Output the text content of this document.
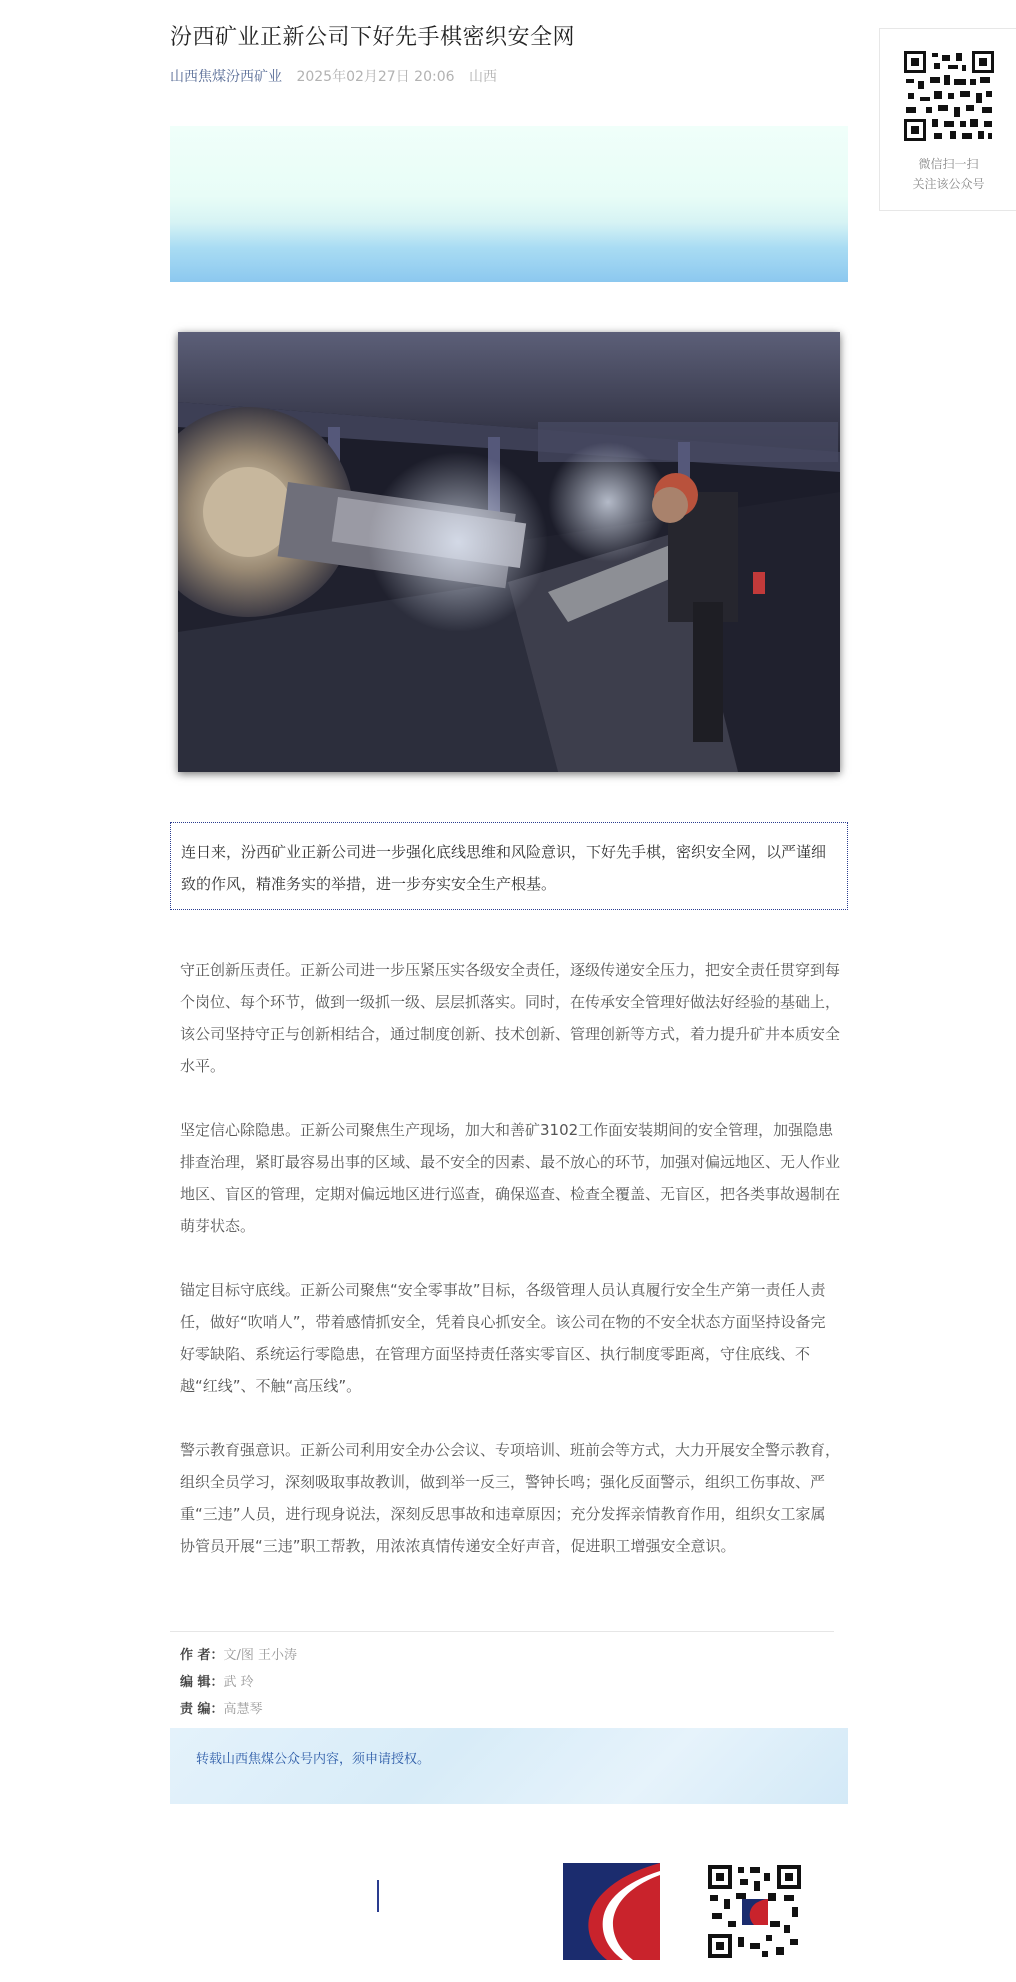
汾西矿业正新公司下好先手棋密织安全网
山西焦煤汾西矿业 2025年02月27日 20:06 山西
连日来，汾西矿业正新公司进一步强化底线思维和风险意识，下好先手棋，密织安全网，以严谨细致的作风，精准务实的举措，进一步夯实安全生产根基。

守正创新压责任。正新公司进一步压紧压实各级安全责任，逐级传递安全压力，把安全责任贯穿到每个岗位、每个环节，做到一级抓一级、层层抓落实。同时，在传承安全管理好做法好经验的基础上，该公司坚持守正与创新相结合，通过制度创新、技术创新、管理创新等方式，着力提升矿井本质安全水平。

坚定信心除隐患。正新公司聚焦生产现场，加大和善矿3102工作面安装期间的安全管理，加强隐患排查治理，紧盯最容易出事的区域、最不安全的因素、最不放心的环节，加强对偏远地区、无人作业地区、盲区的管理，定期对偏远地区进行巡查，确保巡查、检查全覆盖、无盲区，把各类事故遏制在萌芽状态。

锚定目标守底线。正新公司聚焦“安全零事故”目标，各级管理人员认真履行安全生产第一责任人责任，做好“吹哨人”，带着感情抓安全，凭着良心抓安全。该公司在物的不安全状态方面坚持设备完好零缺陷、系统运行零隐患，在管理方面坚持责任落实零盲区、执行制度零距离，守住底线、不越“红线”、不触“高压线”。

警示教育强意识。正新公司利用安全办公会议、专项培训、班前会等方式，大力开展安全警示教育，组织全员学习，深刻吸取事故教训，做到举一反三，警钟长鸣；强化反面警示，组织工伤事故、严重“三违”人员，进行现身说法，深刻反思事故和违章原因；充分发挥亲情教育作用，组织女工家属协管员开展“三违”职工帮教，用浓浓真情传递安全好声音，促进职工增强安全意识。

作 者：文/图 王小涛
编 辑：武 玲
责 编：高慧琴
转载山西焦煤公众号内容，须申请授权。
微信扫一扫
关注该公众号
